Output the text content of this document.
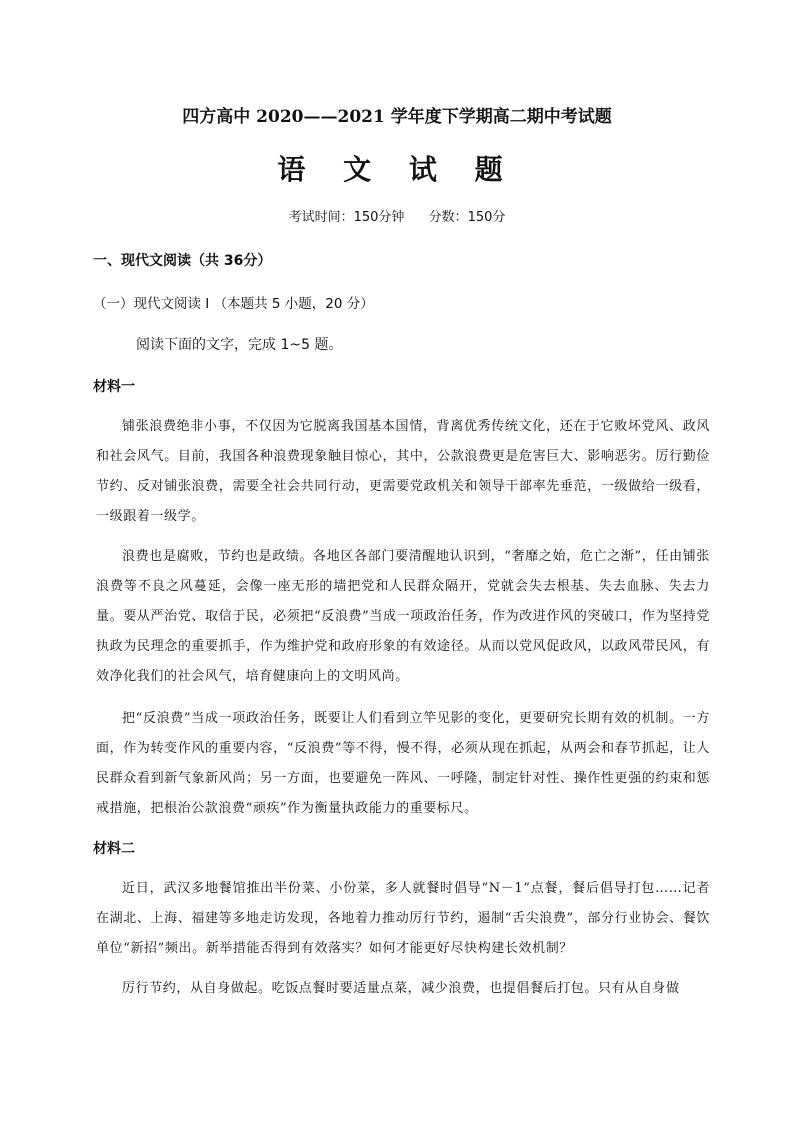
四方高中 2020——2021 学年度下学期高二期中考试题
语 文 试 题
考试时间：150分钟 分数：150分
一、现代文阅读（共 36分）
（一）现代文阅读 I （本题共 5 小题，20 分）
阅读下面的文字，完成 1~5 题。
材料一
铺张浪费绝非小事，不仅因为它脱离我国基本国情，背离优秀传统文化，还在于它败坏党风、政风和社会风气。目前，我国各种浪费现象触目惊心，其中，公款浪费更是危害巨大、影响恶劣。厉行勤俭节约、反对铺张浪费，需要全社会共同行动，更需要党政机关和领导干部率先垂范，一级做给一级看，一级跟着一级学。
浪费也是腐败，节约也是政绩。各地区各部门要清醒地认识到，“奢靡之始，危亡之渐”，任由铺张浪费等不良之风蔓延，会像一座无形的墙把党和人民群众隔开，党就会失去根基、失去血脉、失去力量。要从严治党、取信于民，必须把“反浪费”当成一项政治任务，作为改进作风的突破口，作为坚持党执政为民理念的重要抓手，作为维护党和政府形象的有效途径。从而以党风促政风，以政风带民风，有效净化我们的社会风气，培育健康向上的文明风尚。
把“反浪费”当成一项政治任务，既要让人们看到立竿见影的变化，更要研究长期有效的机制。一方面，作为转变作风的重要内容，“反浪费”等不得，慢不得，必须从现在抓起，从两会和春节抓起，让人民群众看到新气象新风尚；另一方面，也要避免一阵风、一呼隆，制定针对性、操作性更强的约束和惩戒措施，把根治公款浪费“顽疾”作为衡量执政能力的重要标尺。
材料二
近日，武汉多地餐馆推出半份菜、小份菜，多人就餐时倡导“N－1”点餐，餐后倡导打包……记者在湖北、上海、福建等多地走访发现，各地着力推动厉行节约，遏制“舌尖浪费”，部分行业协会、餐饮单位“新招”频出。新举措能否得到有效落实？如何才能更好尽快构建长效机制？
厉行节约，从自身做起。吃饭点餐时要适量点菜，减少浪费，也提倡餐后打包。只有从自身做
